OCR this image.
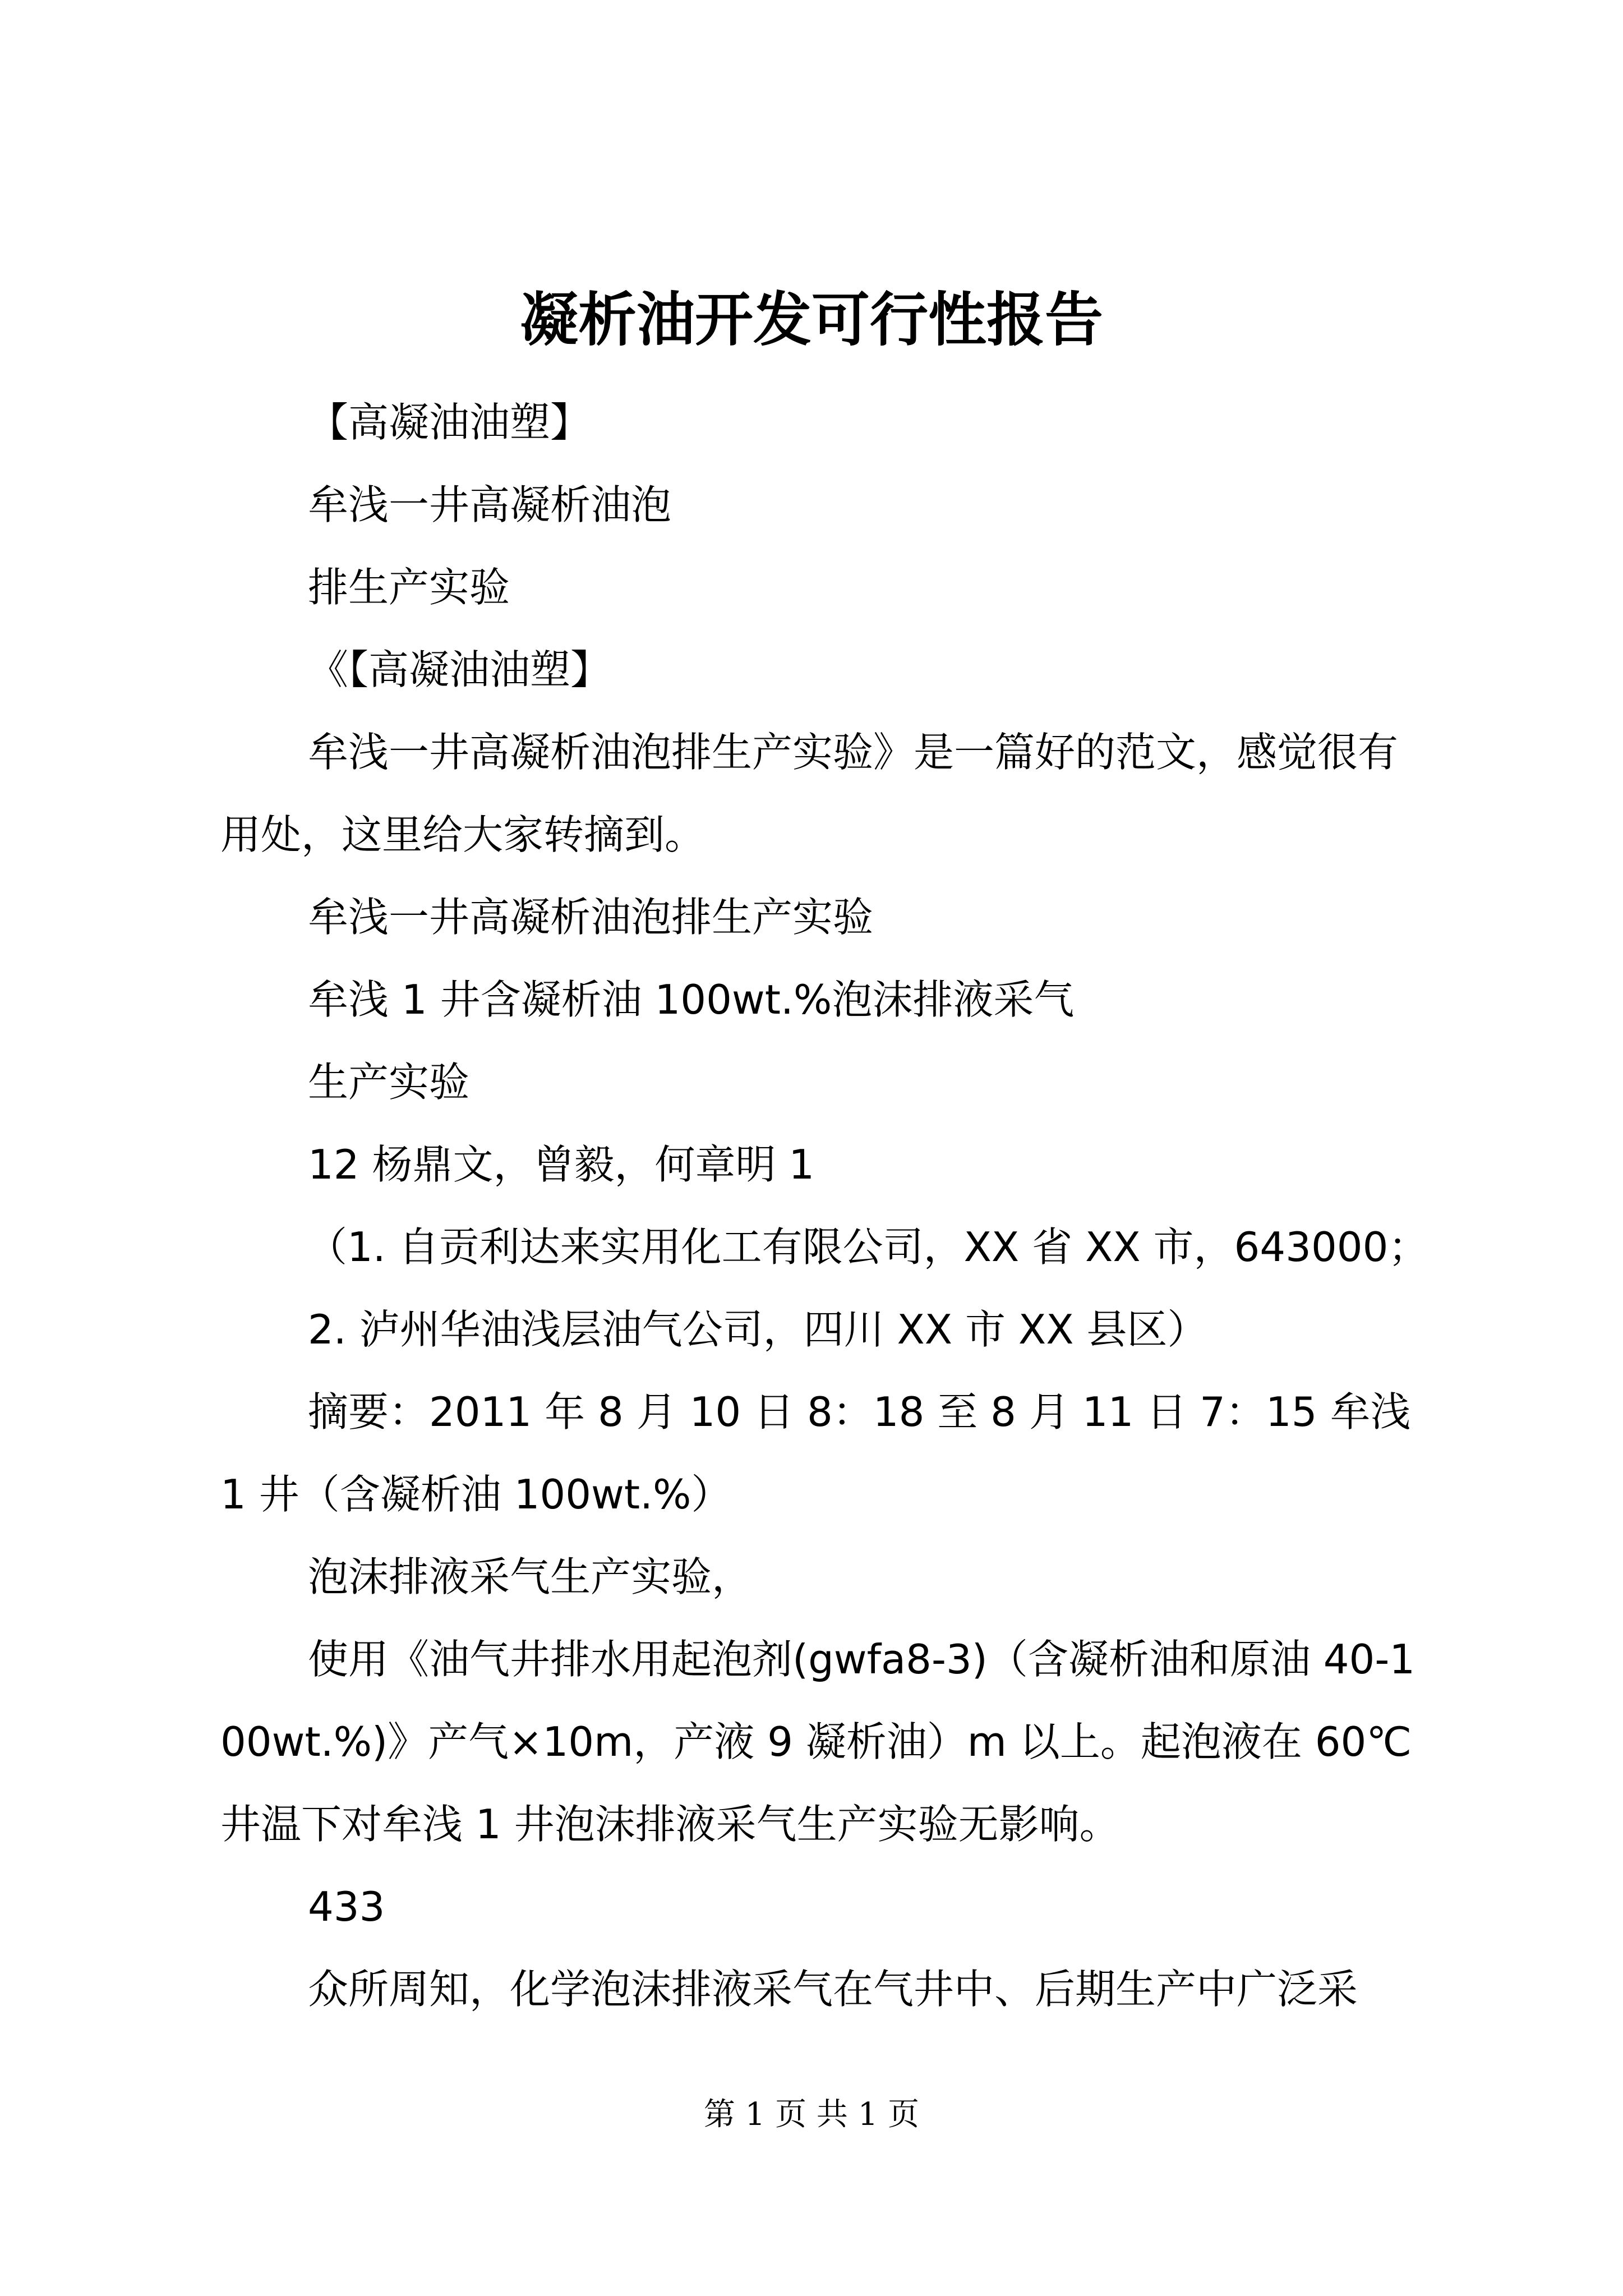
凝析油开发可行性报告

【高凝油油塑】

牟浅一井高凝析油泡

排生产实验

《【高凝油油塑】

牟浅一井高凝析油泡排生产实验》是一篇好的范文，感觉很有用处，这里给大家转摘到。

牟浅一井高凝析油泡排生产实验

牟浅 1 井含凝析油 100wt.%泡沫排液采气

生产实验

12 杨鼎文，曾毅，何章明 1

（1. 自贡利达来实用化工有限公司，XX 省 XX 市，643000；

2. 泸州华油浅层油气公司，四川 XX 市 XX 县区）

摘要：2011 年 8 月 10 日 8：18 至 8 月 11 日 7：15 牟浅 1 井（含凝析油 100wt.%）

泡沫排液采气生产实验，

使用《油气井排水用起泡剂(gwfa8-3)（含凝析油和原油 40-100wt.%)》产气×10m，产液 9 凝析油）m 以上。起泡液在 60℃ 井温下对牟浅 1 井泡沫排液采气生产实验无影响。

433

众所周知，化学泡沫排液采气在气井中、后期生产中广泛采

第 1 页 共 1 页
